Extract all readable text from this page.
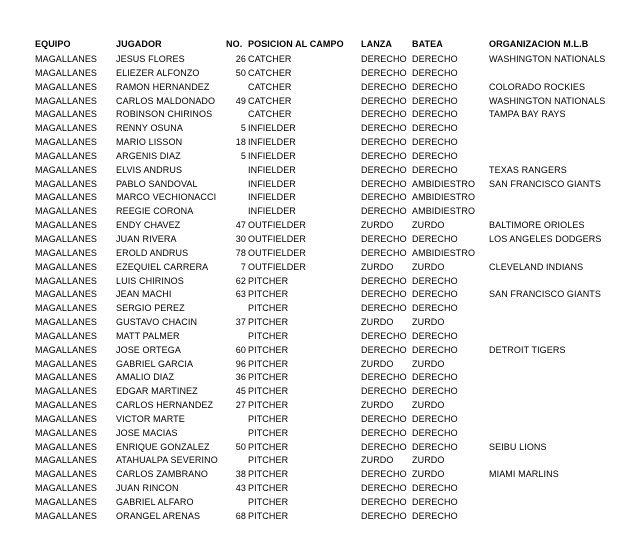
EQUIPO	JUGADOR	NO. POSICION AL CAMPO	LANZA	BATEA	ORGANIZACION M.L.B
MAGALLANES	JESUS FLORES	26 CATCHER	DERECHO DERECHO	WASHINGTON NATIONALS
MAGALLANES	ELIEZER ALFONZO	50 CATCHER	DERECHO DERECHO
MAGALLANES	RAMON HERNANDEZ	CATCHER	DERECHO DERECHO	COLORADO ROCKIES
MAGALLANES	CARLOS MALDONADO	49 CATCHER	DERECHO DERECHO	WASHINGTON NATIONALS
MAGALLANES	ROBINSON CHIRINOS	CATCHER	DERECHO DERECHO	TAMPA BAY RAYS
MAGALLANES	RENNY OSUNA	5 INFIELDER	DERECHO DERECHO
MAGALLANES	MARIO LISSON	18 INFIELDER	DERECHO DERECHO
MAGALLANES	ARGENIS DIAZ	5 INFIELDER	DERECHO DERECHO
MAGALLANES	ELVIS ANDRUS	INFIELDER	DERECHO DERECHO	TEXAS RANGERS
MAGALLANES	PABLO SANDOVAL	INFIELDER	DERECHO AMBIDIESTRO	SAN FRANCISCO GIANTS
MAGALLANES	MARCO VECHIONACCI	INFIELDER	DERECHO AMBIDIESTRO
MAGALLANES	REEGIE CORONA	INFIELDER	DERECHO AMBIDIESTRO
MAGALLANES	ENDY CHAVEZ	47 OUTFIELDER	ZURDO	ZURDO	BALTIMORE ORIOLES
MAGALLANES	JUAN RIVERA	30 OUTFIELDER	DERECHO DERECHO	LOS ANGELES DODGERS
MAGALLANES	EROLD ANDRUS	78 OUTFIELDER	DERECHO AMBIDIESTRO
MAGALLANES	EZEQUIEL CARRERA	7 OUTFIELDER	ZURDO	ZURDO	CLEVELAND INDIANS
MAGALLANES	LUIS CHIRINOS	62 PITCHER	DERECHO DERECHO
MAGALLANES	JEAN MACHI	63 PITCHER	DERECHO DERECHO	SAN FRANCISCO GIANTS
MAGALLANES	SERGIO PEREZ	PITCHER	DERECHO DERECHO
MAGALLANES	GUSTAVO CHACIN	37 PITCHER	ZURDO	ZURDO
MAGALLANES	MATT PALMER	PITCHER	DERECHO DERECHO
MAGALLANES	JOSE ORTEGA	60 PITCHER	DERECHO DERECHO	DETROIT TIGERS
MAGALLANES	GABRIEL GARCIA	96 PITCHER	ZURDO	ZURDO
MAGALLANES	AMALIO DIAZ	36 PITCHER	DERECHO DERECHO
MAGALLANES	EDGAR MARTINEZ	45 PITCHER	DERECHO DERECHO
MAGALLANES	CARLOS HERNANDEZ	27 PITCHER	ZURDO	ZURDO
MAGALLANES	VICTOR MARTE	PITCHER	DERECHO DERECHO
MAGALLANES	JOSE MACIAS	PITCHER	DERECHO DERECHO
MAGALLANES	ENRIQUE GONZALEZ	50 PITCHER	DERECHO DERECHO	SEIBU LIONS
MAGALLANES	ATAHUALPA SEVERINO	PITCHER	ZURDO	ZURDO
MAGALLANES	CARLOS ZAMBRANO	38 PITCHER	DERECHO ZURDO	MIAMI MARLINS
MAGALLANES	JUAN RINCON	43 PITCHER	DERECHO DERECHO
MAGALLANES	GABRIEL ALFARO	PITCHER	DERECHO DERECHO
MAGALLANES	ORANGEL ARENAS	68 PITCHER	DERECHO DERECHO
